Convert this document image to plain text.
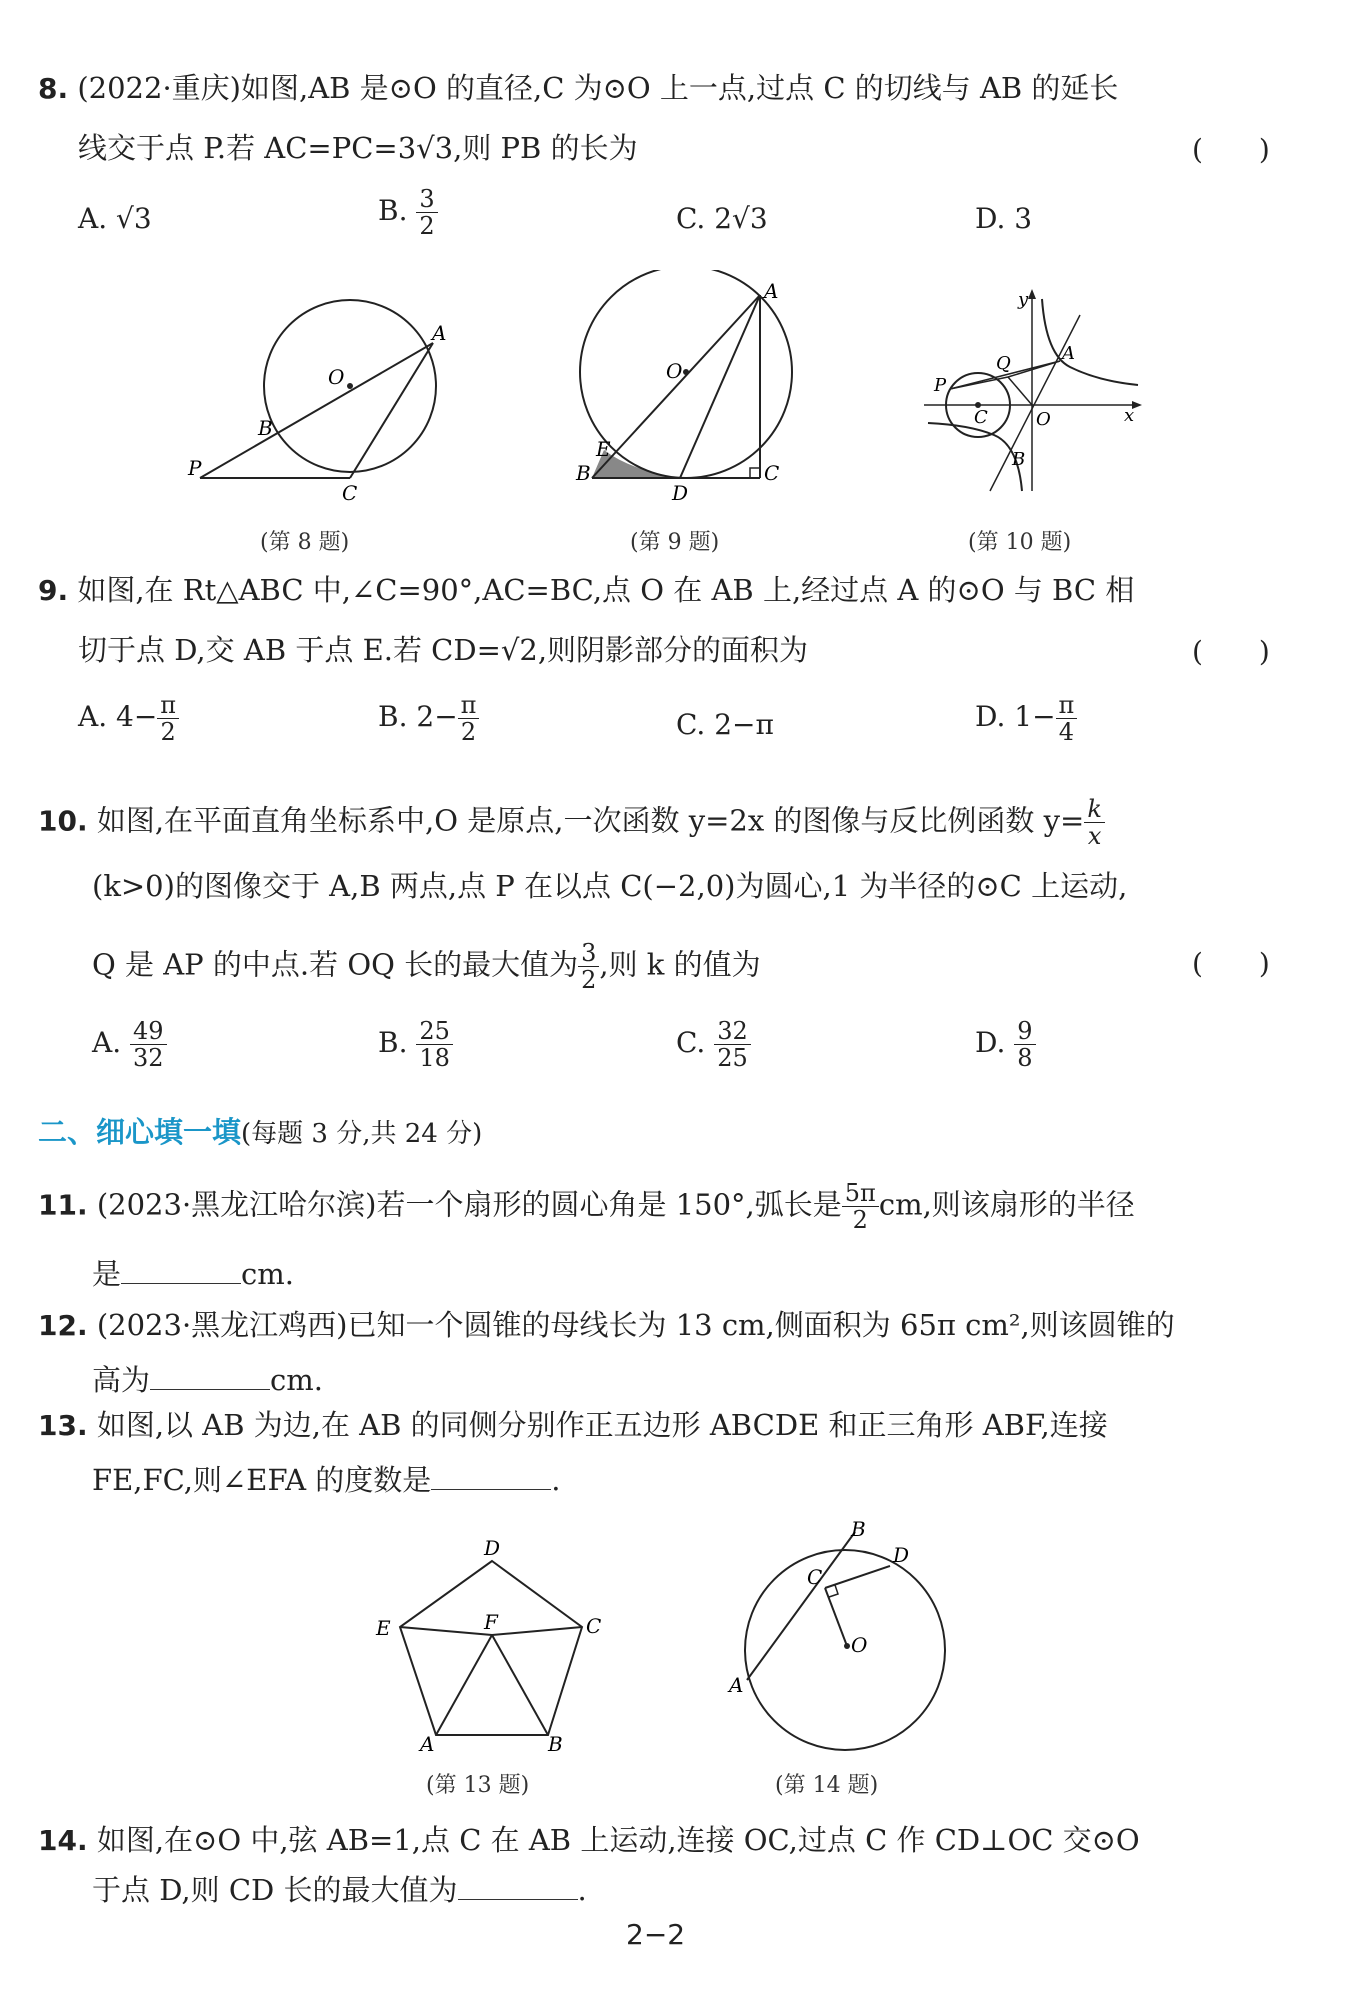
8. (2022·重庆)如图,AB 是⊙O 的直径,C 为⊙O 上一点,过点 C 的切线与 AB 的延长
线交于点 P.若 AC=PC=3√3,则 PB 的长为	(　　)
A. √3	B. $\frac{3}{2}$	C. 2√3	D. 3
O
A
B
P
C
(第 8 题)
A
O
E
B
D
C
(第 9 题)
y
x
Q	A
P
C	O
B
(第 10 题)
9. 如图,在 Rt△ABC 中,∠C=90°,AC=BC,点 O 在 AB 上,经过点 A 的⊙O 与 BC 相
切于点 D,交 AB 于点 E.若 CD=√2,则阴影部分的面积为	(　　)
A. $4- \frac{\pi}{2}$	B. $2- \frac{\pi}{2}$	C. 2−π	D. $1- \frac{\pi}{4}$
10. 如图,在平面直角坐标系中,O 是原点,一次函数 y=2x 的图像与反比例函数 $y= \frac{k}{x}$
(k>0)的图像交于 A,B 两点,点 P 在以点 C(−2,0)为圆心,1 为半径的⊙C 上运动,
Q 是 AP 的中点.若 OQ 长的最大值为 $\frac{3}{2}$ ,则 k 的值为	(　　)
A. $\frac{49}{32}$	B. $\frac{25}{18}$	C. $\frac{32}{25}$	D. $\frac{9}{8}$
二、细心填一填(每题 3 分,共 24 分)
11. (2023·黑龙江哈尔滨)若一个扇形的圆心角是 150°,弧长是 $\frac{5\pi}{2}$ cm,则该扇形的半径
是	cm.
12. (2023·黑龙江鸡西)已知一个圆锥的母线长为 13 cm,侧面积为 65π cm²,则该圆锥的
高为	cm.
13. 如图,以 AB 为边,在 AB 的同侧分别作正五边形 ABCDE 和正三角形 ABF,连接
FE,FC,则∠EFA 的度数是	.
D
E	F	C
A	B
(第 13 题)
B
D
C
O
A
(第 14 题)
14. 如图,在⊙O 中,弦 AB=1,点 C 在 AB 上运动,连接 OC,过点 C 作 CD⊥OC 交⊙O
于点 D,则 CD 长的最大值为	.
2−2
